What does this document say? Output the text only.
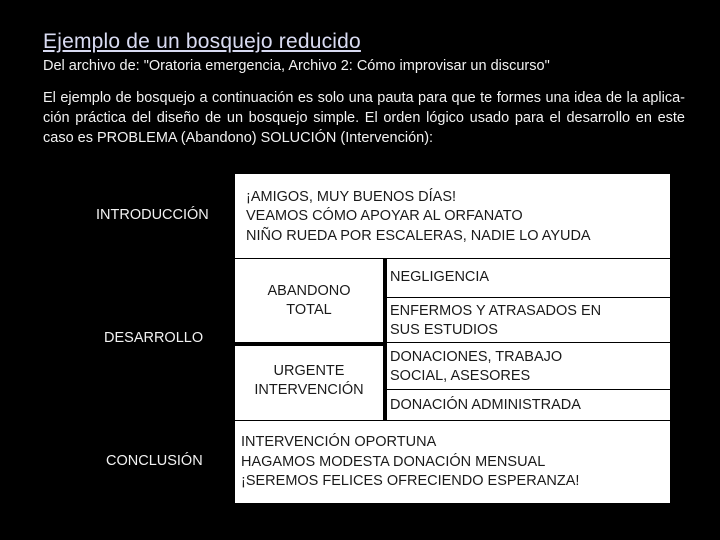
Ejemplo de un bosquejo reducido

Del archivo de: "Oratoria emergencia, Archivo 2: Cómo improvisar un discurso"

El ejemplo de bosquejo a continuación es solo una pauta para que te formes una idea de la aplica-ción práctica del diseño de un bosquejo simple. El orden lógico usado para el desarrollo en este caso es PROBLEMA (Abandono) SOLUCIÓN (Intervención):

INTRODUCCIÓN
DESARROLLO
CONCLUSIÓN
¡AMIGOS, MUY BUENOS DÍAS!
VEAMOS CÓMO APOYAR AL ORFANATO
NIÑO RUEDA POR ESCALERAS, NADIE LO AYUDA
ABANDONO
TOTAL
NEGLIGENCIA
ENFERMOS Y ATRASADOS EN
SUS ESTUDIOS
URGENTE
INTERVENCIÓN
DONACIONES, TRABAJO
SOCIAL, ASESORES
DONACIÓN ADMINISTRADA
INTERVENCIÓN OPORTUNA
HAGAMOS MODESTA DONACIÓN MENSUAL
¡SEREMOS FELICES OFRECIENDO ESPERANZA!
